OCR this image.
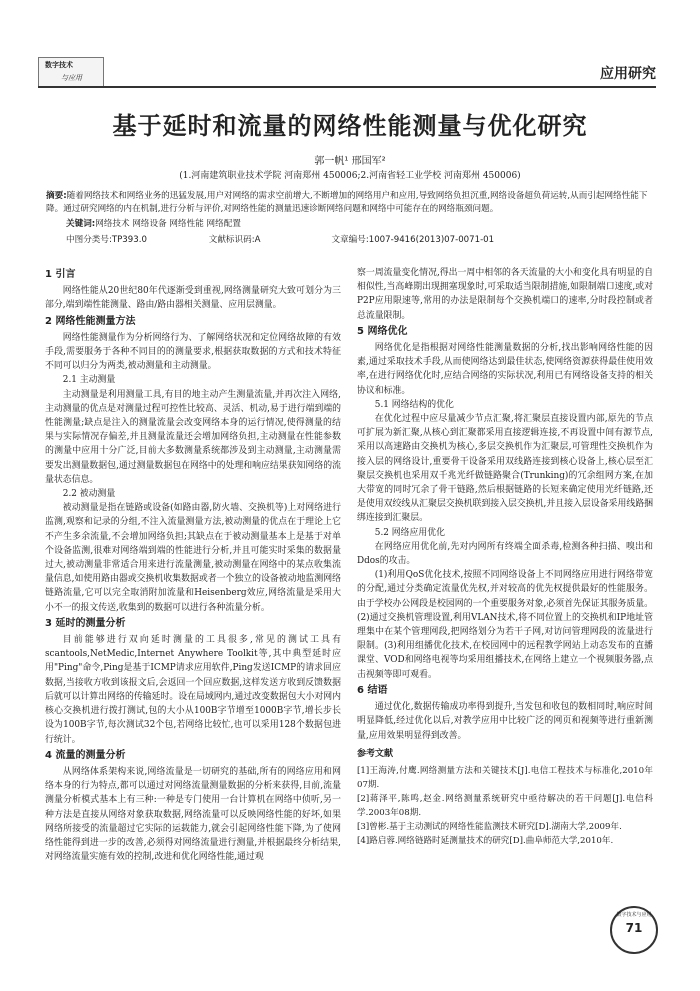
数字技术
与应用	应用研究
基于延时和流量的网络性能测量与优化研究
郭一帆¹ 邢国军²
(1.河南建筑职业技术学院 河南郑州 450006;2.河南省轻工业学校 河南郑州 450006)
摘要:随着网络技术和网络业务的迅猛发展,用户对网络的需求空前增大,不断增加的网络用户和应用,导致网络负担沉重,网络设备超负荷运转,从而引起网络性能下降。通过研究网络的内在机制,进行分析与评价,对网络性能的测量迅速诊断网络问题和网络中可能存在的网络瓶颈问题。
关键词:网络技术 网络设备 网络性能 网络配置
中图分类号:TP393.0	文献标识码:A	文章编号:1007-9416(2013)07-0071-01
1 引言

网络性能从20世纪80年代逐渐受到重视,网络测量研究大致可划分为三部分,端到端性能测量、路由/路由器相关测量、应用层测量。

2 网络性能测量方法

网络性能测量作为分析网络行为、了解网络状况和定位网络故障的有效手段,需要服务于各种不同目的的测量要求,根据获取数据的方式和技术特征不同可以归分为两类,被动测量和主动测量。

2.1 主动测量

主动测量是利用测量工具,有目的地主动产生测量流量,并再次注入网络,主动测量的优点是对测量过程可控性比较高、灵活、机动,易于进行端到端的性能测量;缺点是注入的测量流量会改变网络本身的运行情况,使得测量的结果与实际情况存偏差,并且测量流量还会增加网络负担,主动测量在性能参数的测量中应用十分广泛,目前大多数测量系统都涉及到主动测量,主动测量需要发出测量数据包,通过测量数据包在网络中的处理和响应结果获知网络的流量状态信息。

2.2 被动测量

被动测量是指在链路或设备(如路由器,防火墙、交换机等)上对网络进行监测,观察和记录的分组,不注入流量测量方法,被动测量的优点在于理论上它不产生多余流量,不会增加网络负担;其缺点在于被动测量基本上是基于对单个设备监测,很难对网络端到端的性能进行分析,并且可能实时采集的数据量过大,被动测量非常适合用来进行流量测量,被动测量在网络中的某点收集流量信息,如使用路由器或交换机收集数据或者一个独立的设备被动地监测网络链路流量,它可以完全取消附加流量和Heisenberg效应,网络流量是采用大小不一的报文传送,收集到的数据可以进行各种流量分析。

3 延时的测量分析

目前能够进行双向延时测量的工具很多,常见的测试工具有scantools,NetMedic,Internet Anywhere Toolkit等,其中典型延时应用"Ping"命令,Ping是基于ICMP请求应用软件,Ping发送ICMP的请求回应数据,当接收方收到该报文后,会返回一个回应数据,这样发送方收到反馈数据后就可以计算出网络的传输延时。设在局域网内,通过改变数据包大小对网内核心交换机进行拨打测试,包的大小从100B字节增至1000B字节,增长步长设为100B字节,每次测试32个包,若网络比较忙,也可以采用128个数据包进行统计。

4 流量的测量分析

从网络体系架构来说,网络流量是一切研究的基础,所有的网络应用和网络本身的行为特点,都可以通过对网络流量测量数据的分析来获得,目前,流量测量分析模式基本上有三种:一种是专门使用一台计算机在网络中侦听,另一种方法是直接从网络对象获取数据,网络流量可以反映网络性能的好坏,如果网络所接受的流量超过它实际的运载能力,就会引起网络性能下降,为了使网络性能得到进一步的改善,必须得对网络流量进行测量,并根据最终分析结果,对网络流量实施有效的控制,改进和优化网络性能,通过观

察一周流量变化情况,得出一周中相邻的各天流量的大小和变化具有明显的自相似性,当高峰期出现拥塞现象时,可采取适当限制措施,如限制端口速度,或对P2P应用限速等,常用的办法是限制每个交换机端口的速率,分时段控制或者总流量限制。

5 网络优化

网络优化是指根据对网络性能测量数据的分析,找出影响网络性能的因素,通过采取技术手段,从而使网络达到最佳状态,使网络资源获得最佳使用效率,在进行网络优化时,应结合网络的实际状况,利用已有网络设备支持的相关协议和标准。

5.1 网络结构的优化

在优化过程中应尽量减少节点汇聚,将汇聚层直接设置内部,原先的节点可扩展为新汇聚,从核心到汇聚都采用直接逻辑连接,不再设置中间有源节点,采用以高速路由交换机为核心,多层交换机作为汇聚层,可管理性交换机作为接入层的网络设计,重要骨干设备采用双线路连接到核心设备上,核心层至汇聚层交换机也采用双千兆光纤做链路聚合(Trunking)的冗余组网方案,在加大带宽的同时冗余了骨干链路,然后根据链路的长短来确定使用光纤链路,还是使用双绞线从汇聚层交换机联到接入层交换机,并且接入层设备采用线路捆绑连接到汇聚层。

5.2 网络应用优化

在网络应用优化前,先对内网所有终端全面杀毒,检测各种扫描、嗅出和Ddos的攻击。

(1)利用QoS优化技术,按照不同网络设备上不同网络应用进行网络带宽的分配,通过分类确定流量优先权,并对较高的优先权提供最好的性能服务。由于学校办公网段是校园网的一个重要服务对象,必须首先保证其服务质量。(2)通过交换机管理设置,利用VLAN技术,将不同位置上的交换机和IP地址管理集中在某个管理网段,把网络划分为若干子网,对访问管理网段的流量进行限制。(3)利用组播优化技术,在校园网中的远程教学网站上动态发布的直播课堂、VOD和网络电视等均采用组播技术,在网络上建立一个视频服务器,点击视频等即可观看。

6 结语

通过优化,数据传输成功率得到提升,当发包和收包的数相同时,响应时间明显降低,经过优化以后,对教学应用中比较广泛的网页和视频等进行重新测量,应用效果明显得到改善。

参考文献

[1]王海涛,付鹰.网络测量方法和关键技术[J].电信工程技术与标准化,2010年07期.

[2]蒋泽平,陈鸣,赵金.网络测量系统研究中亟待解决的若干问题[J].电信科学.2003年08期.

[3]曾彬.基于主动测试的网络性能监测技术研究[D].湖南大学,2009年.

[4]路启蓉.网络链路时延测量技术的研究[D].曲阜师范大学,2010年.

数字技术与应用
71
